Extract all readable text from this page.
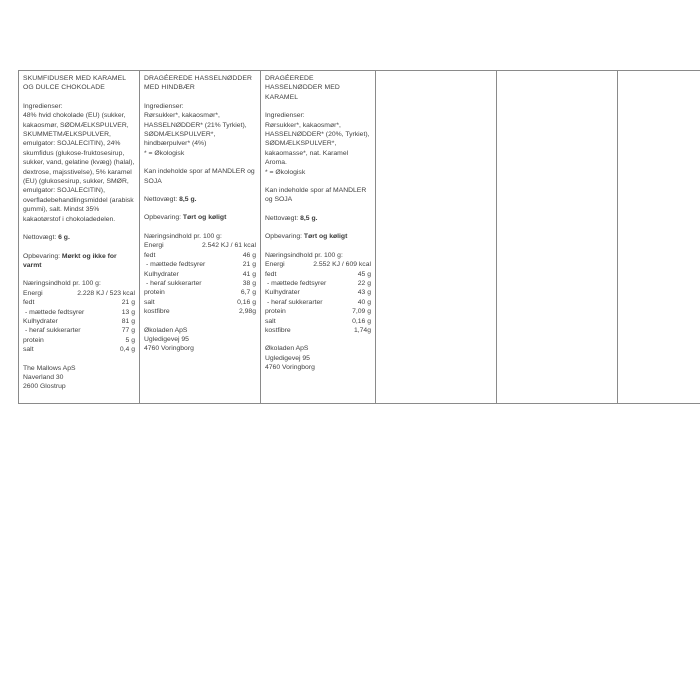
SKUMFIDUSER MED KARAMEL OG DULCE CHOKOLADE

Ingredienser:
48% hvid chokolade (EU) (sukker, kakaosmør, SØDMÆLKSPULVER, SKUMMETMÆLKSPULVER, emulgator: SOJALECITIN), 24% skumfidus (glukose-fruktosesirup, sukker, vand, gelatine (kvæg) (halal), dextrose, majsstivelse), 5% karamel (EU) (glukosesirup, sukker, SMØR, emulgator: SOJALECITIN), overfladebehandlingsmiddel (arabisk gummi), salt. Mindst 35% kakaotørstof i chokoladedelen.

Nettovægt: 6 g.

Opbevaring: Mørkt og ikke for varmt

Næringsindhold pr. 100 g:

Energi	2.228 KJ / 523 kcal
fedt	21 g
- mættede fedtsyrer	13 g
Kulhydrater	81 g
- heraf sukkerarter	77 g
protein	5 g
salt	0,4 g

The Mallows ApS
Naverland 30
2600 Glostrup

DRAGÉEREDE HASSELNØDDER MED HINDBÆR

Ingredienser:
Rørsukker*, kakaosmør*, HASSELNØDDER* (21% Tyrkiet), SØDMÆLKSPULVER*, hindbærpulver* (4%)
* = Økologisk

Kan indeholde spor af MANDLER og SOJA

Nettovægt: 8,5 g.

Opbevaring: Tørt og køligt

Næringsindhold pr. 100 g:

Energi	2.542 KJ / 61 kcal
fedt	46 g
- mættede fedtsyrer	21 g
Kulhydrater	41 g
- heraf sukkerarter	38 g
protein	6,7 g
salt	0,16 g
kostfibre	2,98g

Økoladen ApS
Ugledigevej 95
4760 Voringborg

DRAGÉEREDE HASSELNØDDER MED KARAMEL

Ingredienser:
Rørsukker*, kakaosmør*, HASSELNØDDER* (20%, Tyrkiet), SØDMÆLKSPULVER*, kakaomasse*, nat. Karamel Aroma.
* = Økologisk

Kan indeholde spor af MANDLER og SOJA

Nettovægt: 8,5 g.

Opbevaring: Tørt og køligt

Næringsindhold pr. 100 g:

Energi	2.552 KJ / 609 kcal
fedt	45 g
- mættede fedtsyrer	22 g
Kulhydrater	43 g
- heraf sukkerarter	40 g
protein	7,09 g
salt	0,16 g
kostfibre	1,74g

Økoladen ApS
Ugledigevej 95
4760 Voringborg
